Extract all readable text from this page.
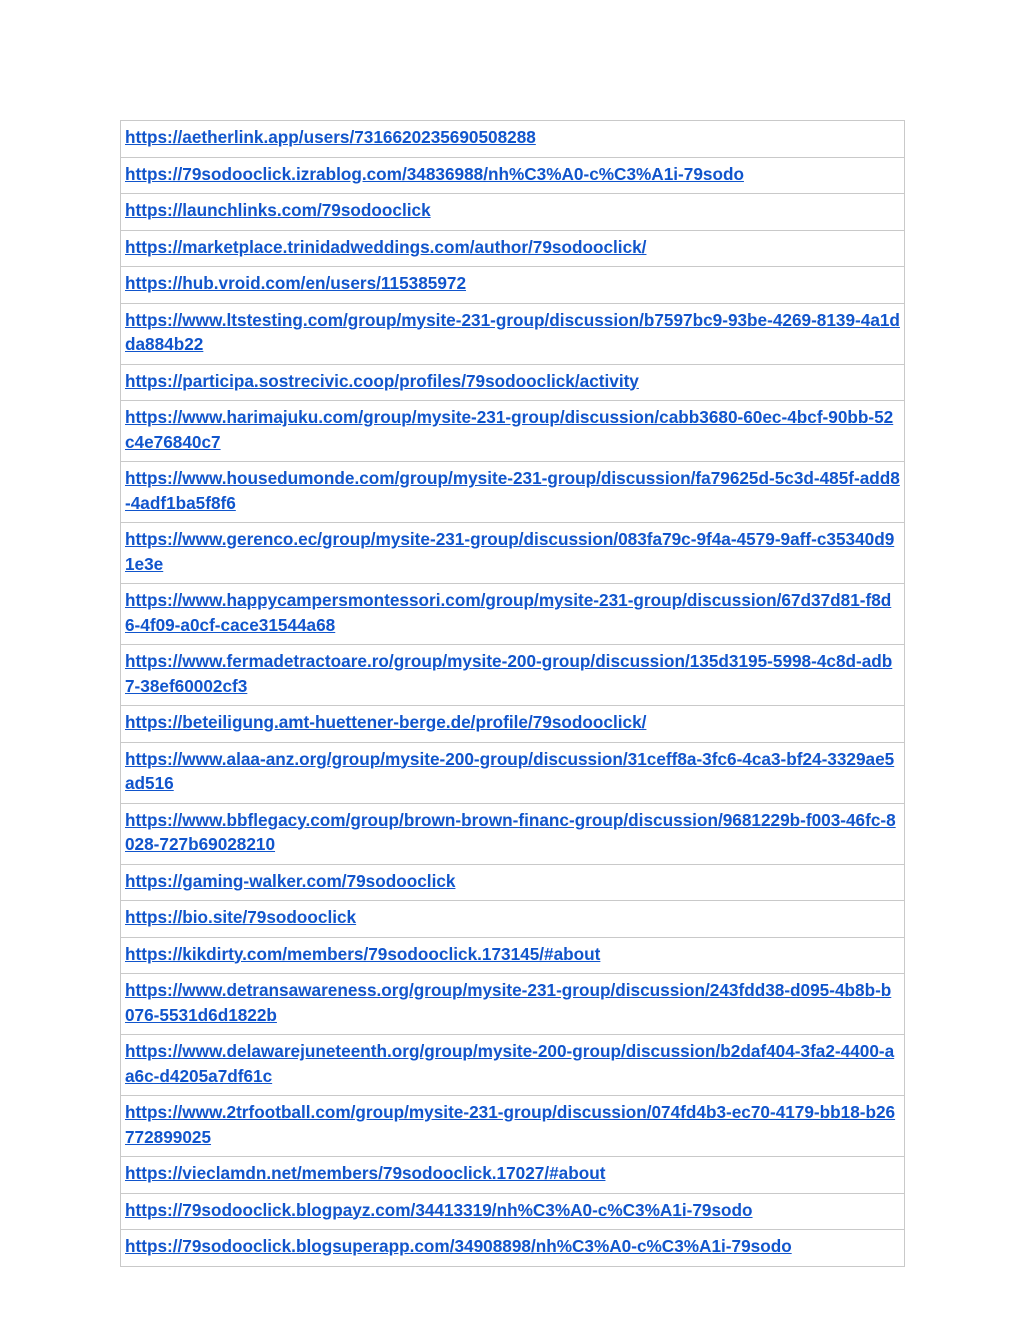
https://aetherlink.app/users/7316620235690508288

https://79sodooclick.izrablog.com/34836988/nh%C3%A0-c%C3%A1i-79sodo

https://launchlinks.com/79sodooclick

https://marketplace.trinidadweddings.com/author/79sodooclick/

https://hub.vroid.com/en/users/115385972

https://www.ltstesting.com/group/mysite-231-group/discussion/b7597bc9-93be-4269-8139-4a1dda884b22

https://participa.sostrecivic.coop/profiles/79sodooclick/activity

https://www.harimajuku.com/group/mysite-231-group/discussion/cabb3680-60ec-4bcf-90bb-52c4e76840c7

https://www.housedumonde.com/group/mysite-231-group/discussion/fa79625d-5c3d-485f-add8-4adf1ba5f8f6

https://www.gerenco.ec/group/mysite-231-group/discussion/083fa79c-9f4a-4579-9aff-c35340d91e3e

https://www.happycampersmontessori.com/group/mysite-231-group/discussion/67d37d81-f8d6-4f09-a0cf-cace31544a68

https://www.fermadetractoare.ro/group/mysite-200-group/discussion/135d3195-5998-4c8d-adb7-38ef60002cf3

https://beteiligung.amt-huettener-berge.de/profile/79sodooclick/

https://www.alaa-anz.org/group/mysite-200-group/discussion/31ceff8a-3fc6-4ca3-bf24-3329ae5ad516

https://www.bbflegacy.com/group/brown-brown-financ-group/discussion/9681229b-f003-46fc-8028-727b69028210

https://gaming-walker.com/79sodooclick

https://bio.site/79sodooclick

https://kikdirty.com/members/79sodooclick.173145/#about

https://www.detransawareness.org/group/mysite-231-group/discussion/243fdd38-d095-4b8b-b076-5531d6d1822b

https://www.delawarejuneteenth.org/group/mysite-200-group/discussion/b2daf404-3fa2-4400-aa6c-d4205a7df61c

https://www.2trfootball.com/group/mysite-231-group/discussion/074fd4b3-ec70-4179-bb18-b26772899025

https://vieclamdn.net/members/79sodooclick.17027/#about

https://79sodooclick.blogpayz.com/34413319/nh%C3%A0-c%C3%A1i-79sodo

https://79sodooclick.blogsuperapp.com/34908898/nh%C3%A0-c%C3%A1i-79sodo
